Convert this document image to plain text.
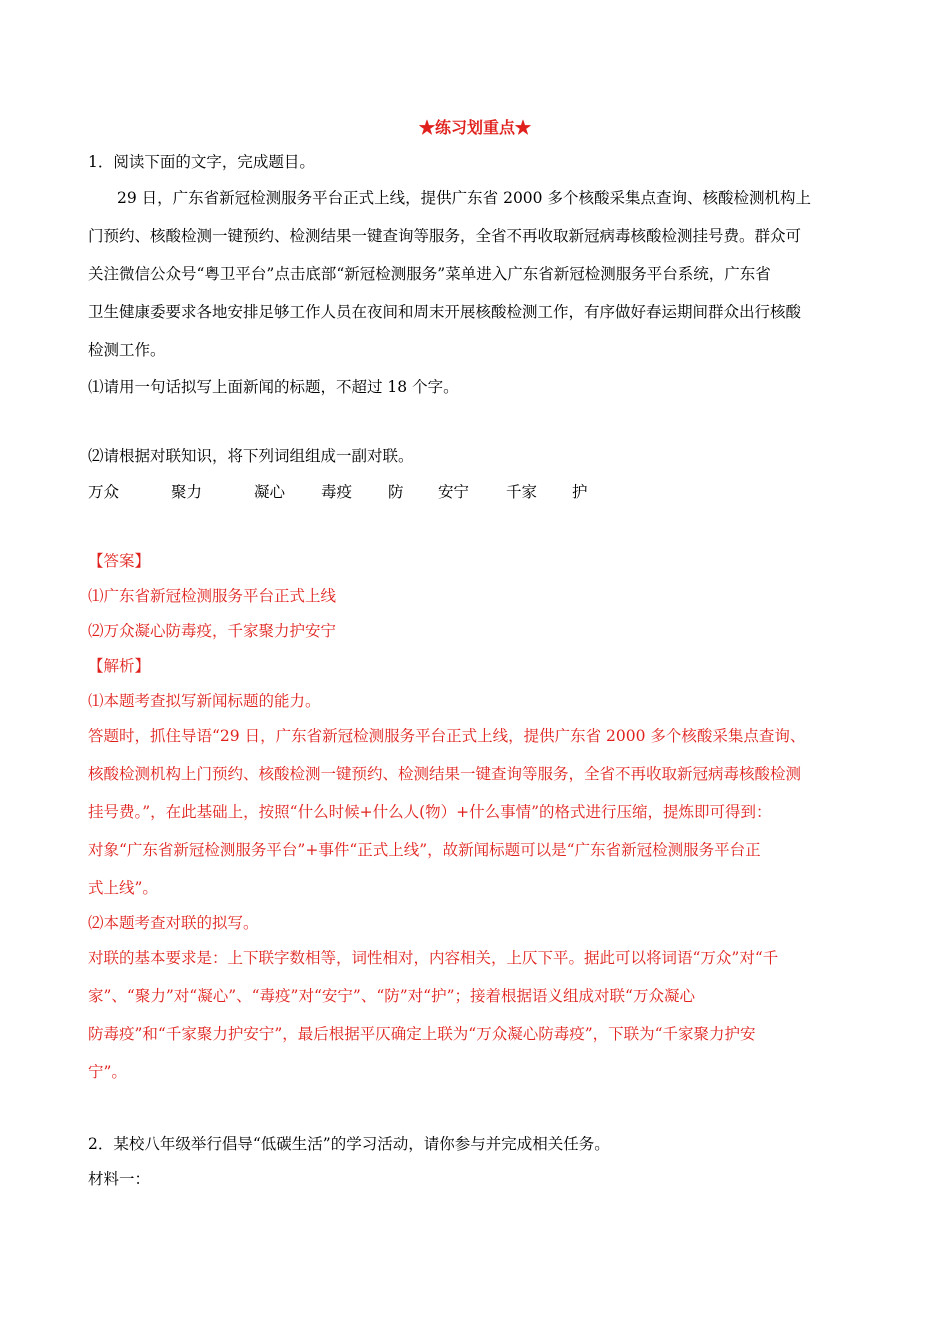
★练习划重点★
1．阅读下面的文字，完成题目。
29 日，广东省新冠检测服务平台正式上线，提供广东省 2000 多个核酸采集点查询、核酸检测机构上
门预约、核酸检测一键预约、检测结果一键查询等服务，全省不再收取新冠病毒核酸检测挂号费。群众可
关注微信公众号“粤卫平台”点击底部“新冠检测服务”菜单进入广东省新冠检测服务平台系统，广东省
卫生健康委要求各地安排足够工作人员在夜间和周末开展核酸检测工作，有序做好春运期间群众出行核酸
检测工作。
⑴请用一句话拟写上面新闻的标题，不超过 18 个字。
⑵请根据对联知识，将下列词组组成一副对联。
万众	聚力	凝心 毒疫 防 安宁 千家 护
【答案】
⑴广东省新冠检测服务平台正式上线
⑵万众凝心防毒疫，千家聚力护安宁
【解析】
⑴本题考查拟写新闻标题的能力。
答题时，抓住导语“29 日，广东省新冠检测服务平台正式上线，提供广东省 2000 多个核酸采集点查询、
核酸检测机构上门预约、核酸检测一键预约、检测结果一键查询等服务，全省不再收取新冠病毒核酸检测
挂号费。”，在此基础上，按照“什么时候+什么人(物）+什么事情”的格式进行压缩，提炼即可得到：
对象“广东省新冠检测服务平台”+事件“正式上线”，故新闻标题可以是“广东省新冠检测服务平台正
式上线”。
⑵本题考查对联的拟写。
对联的基本要求是：上下联字数相等，词性相对，内容相关，上仄下平。据此可以将词语“万众”对“千
家”、“聚力”对“凝心”、“毒疫”对“安宁”、“防”对“护”；接着根据语义组成对联“万众凝心
防毒疫”和“千家聚力护安宁”，最后根据平仄确定上联为“万众凝心防毒疫”，下联为“千家聚力护安
宁”。
2．某校八年级举行倡导“低碳生活”的学习活动，请你参与并完成相关任务。
材料一：
